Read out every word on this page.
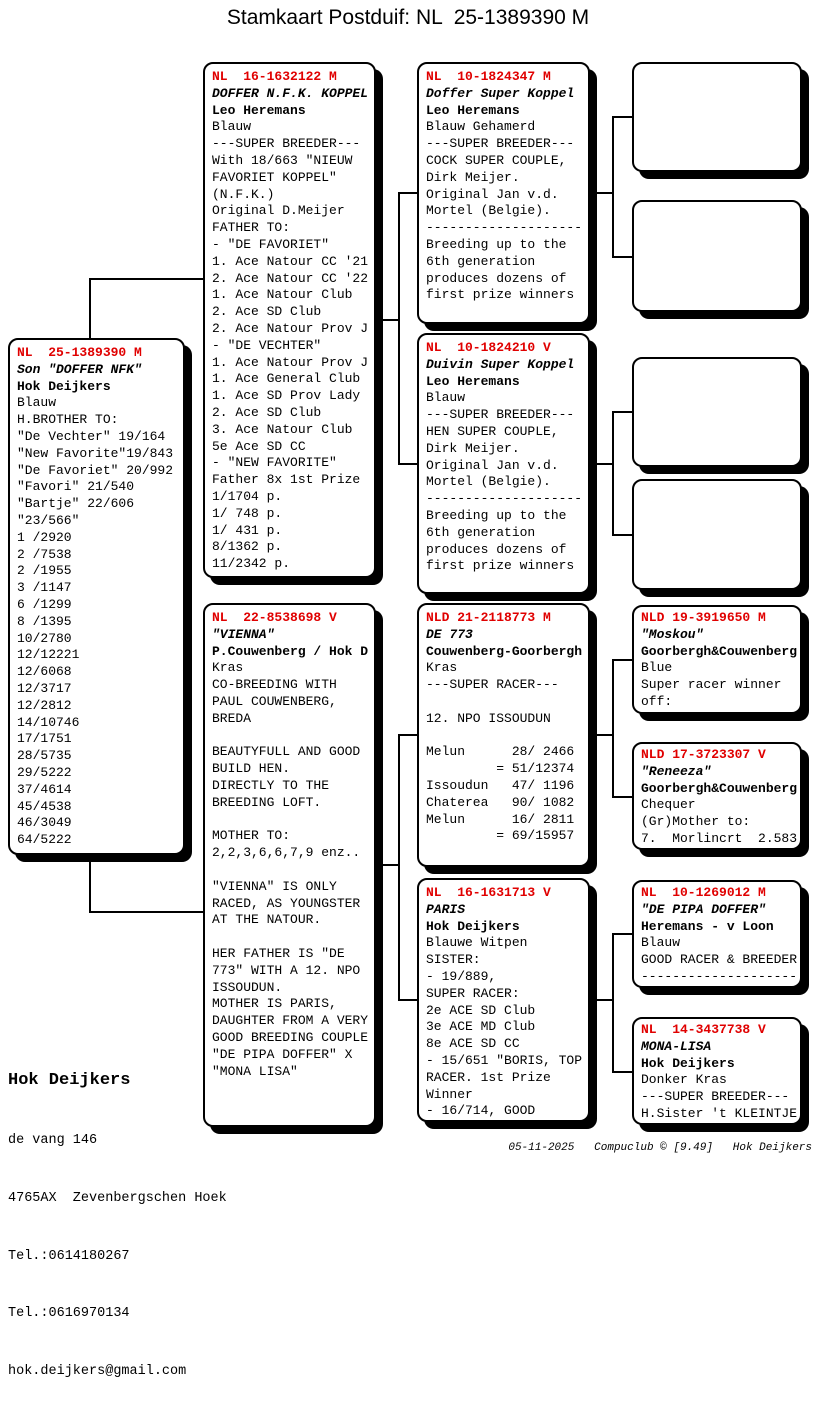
Stamkaart Postduif: NL  25-1389390 M
NL  25-1389390 M
Son "DOFFER NFK"
Hok Deijkers
Blauw
H.BROTHER TO:
"De Vechter" 19/164
"New Favorite"19/843
"De Favoriet" 20/992
"Favori" 21/540
"Bartje" 22/606
"23/566"
1 /2920
2 /7538
2 /1955
3 /1147
6 /1299
8 /1395
10/2780
12/12221
12/6068
12/3717
12/2812
14/10746
17/1751
28/5735
29/5222
37/4614
45/4538
46/3049
64/5222
NL  16-1632122 M
DOFFER N.F.K. KOPPEL
Leo Heremans
Blauw
---SUPER BREEDER---
With 18/663 "NIEUW
FAVORIET KOPPEL"
(N.F.K.)
Original D.Meijer
FATHER TO:
- "DE FAVORIET"
1. Ace Natour CC '21
2. Ace Natour CC '22
1. Ace Natour Club
2. Ace SD Club
2. Ace Natour Prov J
- "DE VECHTER"
1. Ace Natour Prov J
1. Ace General Club
1. Ace SD Prov Lady
2. Ace SD Club
3. Ace Natour Club
5e Ace SD CC
- "NEW FAVORITE"
Father 8x 1st Prize
1/1704 p.
1/ 748 p.
1/ 431 p.
8/1362 p.
11/2342 p.
NL  22-8538698 V
"VIENNA"
P.Couwenberg / Hok D
Kras
CO-BREEDING WITH
PAUL COUWENBERG,
BREDA

BEAUTYFULL AND GOOD
BUILD HEN.
DIRECTLY TO THE
BREEDING LOFT.

MOTHER TO:
2,2,3,6,6,7,9 enz..

"VIENNA" IS ONLY
RACED, AS YOUNGSTER
AT THE NATOUR.

HER FATHER IS "DE
773" WITH A 12. NPO
ISSOUDUN.
MOTHER IS PARIS,
DAUGHTER FROM A VERY
GOOD BREEDING COUPLE
"DE PIPA DOFFER" X
"MONA LISA"
NL  10-1824347 M
Doffer Super Koppel
Leo Heremans
Blauw Gehamerd
---SUPER BREEDER---
COCK SUPER COUPLE,
Dirk Meijer.
Original Jan v.d.
Mortel (Belgie).
--------------------
Breeding up to the
6th generation
produces dozens of
first prize winners
NL  10-1824210 V
Duivin Super Koppel
Leo Heremans
Blauw
---SUPER BREEDER---
HEN SUPER COUPLE,
Dirk Meijer.
Original Jan v.d.
Mortel (Belgie).
--------------------
Breeding up to the
6th generation
produces dozens of
first prize winners
NLD 21-2118773 M
DE 773
Couwenberg-Goorbergh
Kras
---SUPER RACER---

12. NPO ISSOUDUN

Melun      28/ 2466
= 51/12374
Issoudun   47/ 1196
Chaterea   90/ 1082
Melun      16/ 2811
= 69/15957
NL  16-1631713 V
PARIS
Hok Deijkers
Blauwe Witpen
SISTER:
- 19/889,
SUPER RACER:
2e ACE SD Club
3e ACE MD Club
8e ACE SD CC
- 15/651 "BORIS, TOP
RACER. 1st Prize
Winner
- 16/714, GOOD
NLD 19-3919650 M
"Moskou"
Goorbergh&Couwenberg
Blue
Super racer winner
off:
NLD 17-3723307 V
"Reneeza"
Goorbergh&Couwenberg
Chequer
(Gr)Mother to:
7.  Morlincrt  2.583
NL  10-1269012 M
"DE PIPA DOFFER"
Heremans - v Loon
Blauw
GOOD RACER & BREEDER
--------------------
NL  14-3437738 V
MONA-LISA
Hok Deijkers
Donker Kras
---SUPER BREEDER---
H.Sister 't KLEINTJE

Hok Deijkers

de vang 146

4765AX  Zevenbergschen Hoek

Tel.:0614180267

Tel.:0616970134

hok.deijkers@gmail.com

05-11-2025   Compuclub © [9.49]   Hok Deijkers
